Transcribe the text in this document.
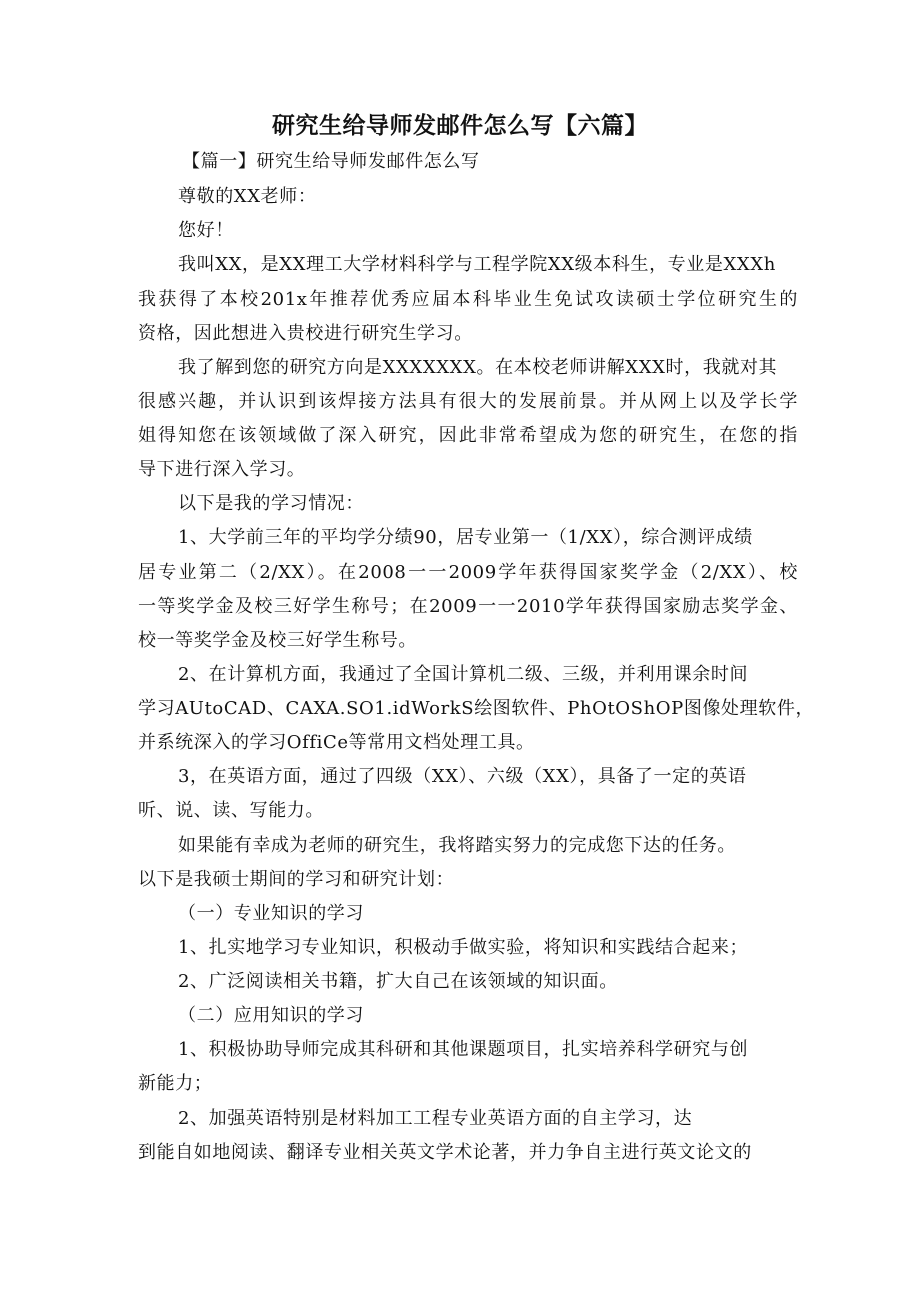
研究生给导师发邮件怎么写【六篇】
【篇一】研究生给导师发邮件怎么写
尊敬的XX老师：
您好！
我叫XX，是XX理工大学材料科学与工程学院XX级本科生，专业是XXXh
我获得了本校201x年推荐优秀应届本科毕业生免试攻读硕士学位研究生的
资格，因此想进入贵校进行研究生学习。
我了解到您的研究方向是XXXXXXX。在本校老师讲解XXX时，我就对其
很感兴趣，并认识到该焊接方法具有很大的发展前景。并从网上以及学长学
姐得知您在该领域做了深入研究，因此非常希望成为您的研究生，在您的指
导下进行深入学习。
以下是我的学习情况：
1、大学前三年的平均学分绩90，居专业第一（1/XX），综合测评成绩
居专业第二（2/XX）。在2008一一2009学年获得国家奖学金（2/XX）、校
一等奖学金及校三好学生称号；在2009一一2010学年获得国家励志奖学金、
校一等奖学金及校三好学生称号。
2、在计算机方面，我通过了全国计算机二级、三级，并利用课余时间
学习AUtoCAD、CAXA.SO1.idWorkS绘图软件、PhOtOShOP图像处理软件，
并系统深入的学习OffiCe等常用文档处理工具。
3，在英语方面，通过了四级（XX）、六级（XX），具备了一定的英语
听、说、读、写能力。
如果能有幸成为老师的研究生，我将踏实努力的完成您下达的任务。
以下是我硕士期间的学习和研究计划：
（一）专业知识的学习
1、扎实地学习专业知识，积极动手做实验，将知识和实践结合起来；
2、广泛阅读相关书籍，扩大自己在该领域的知识面。
（二）应用知识的学习
1、积极协助导师完成其科研和其他课题项目，扎实培养科学研究与创
新能力；
2、加强英语特别是材料加工工程专业英语方面的自主学习，达
到能自如地阅读、翻译专业相关英文学术论著，并力争自主进行英文论文的
